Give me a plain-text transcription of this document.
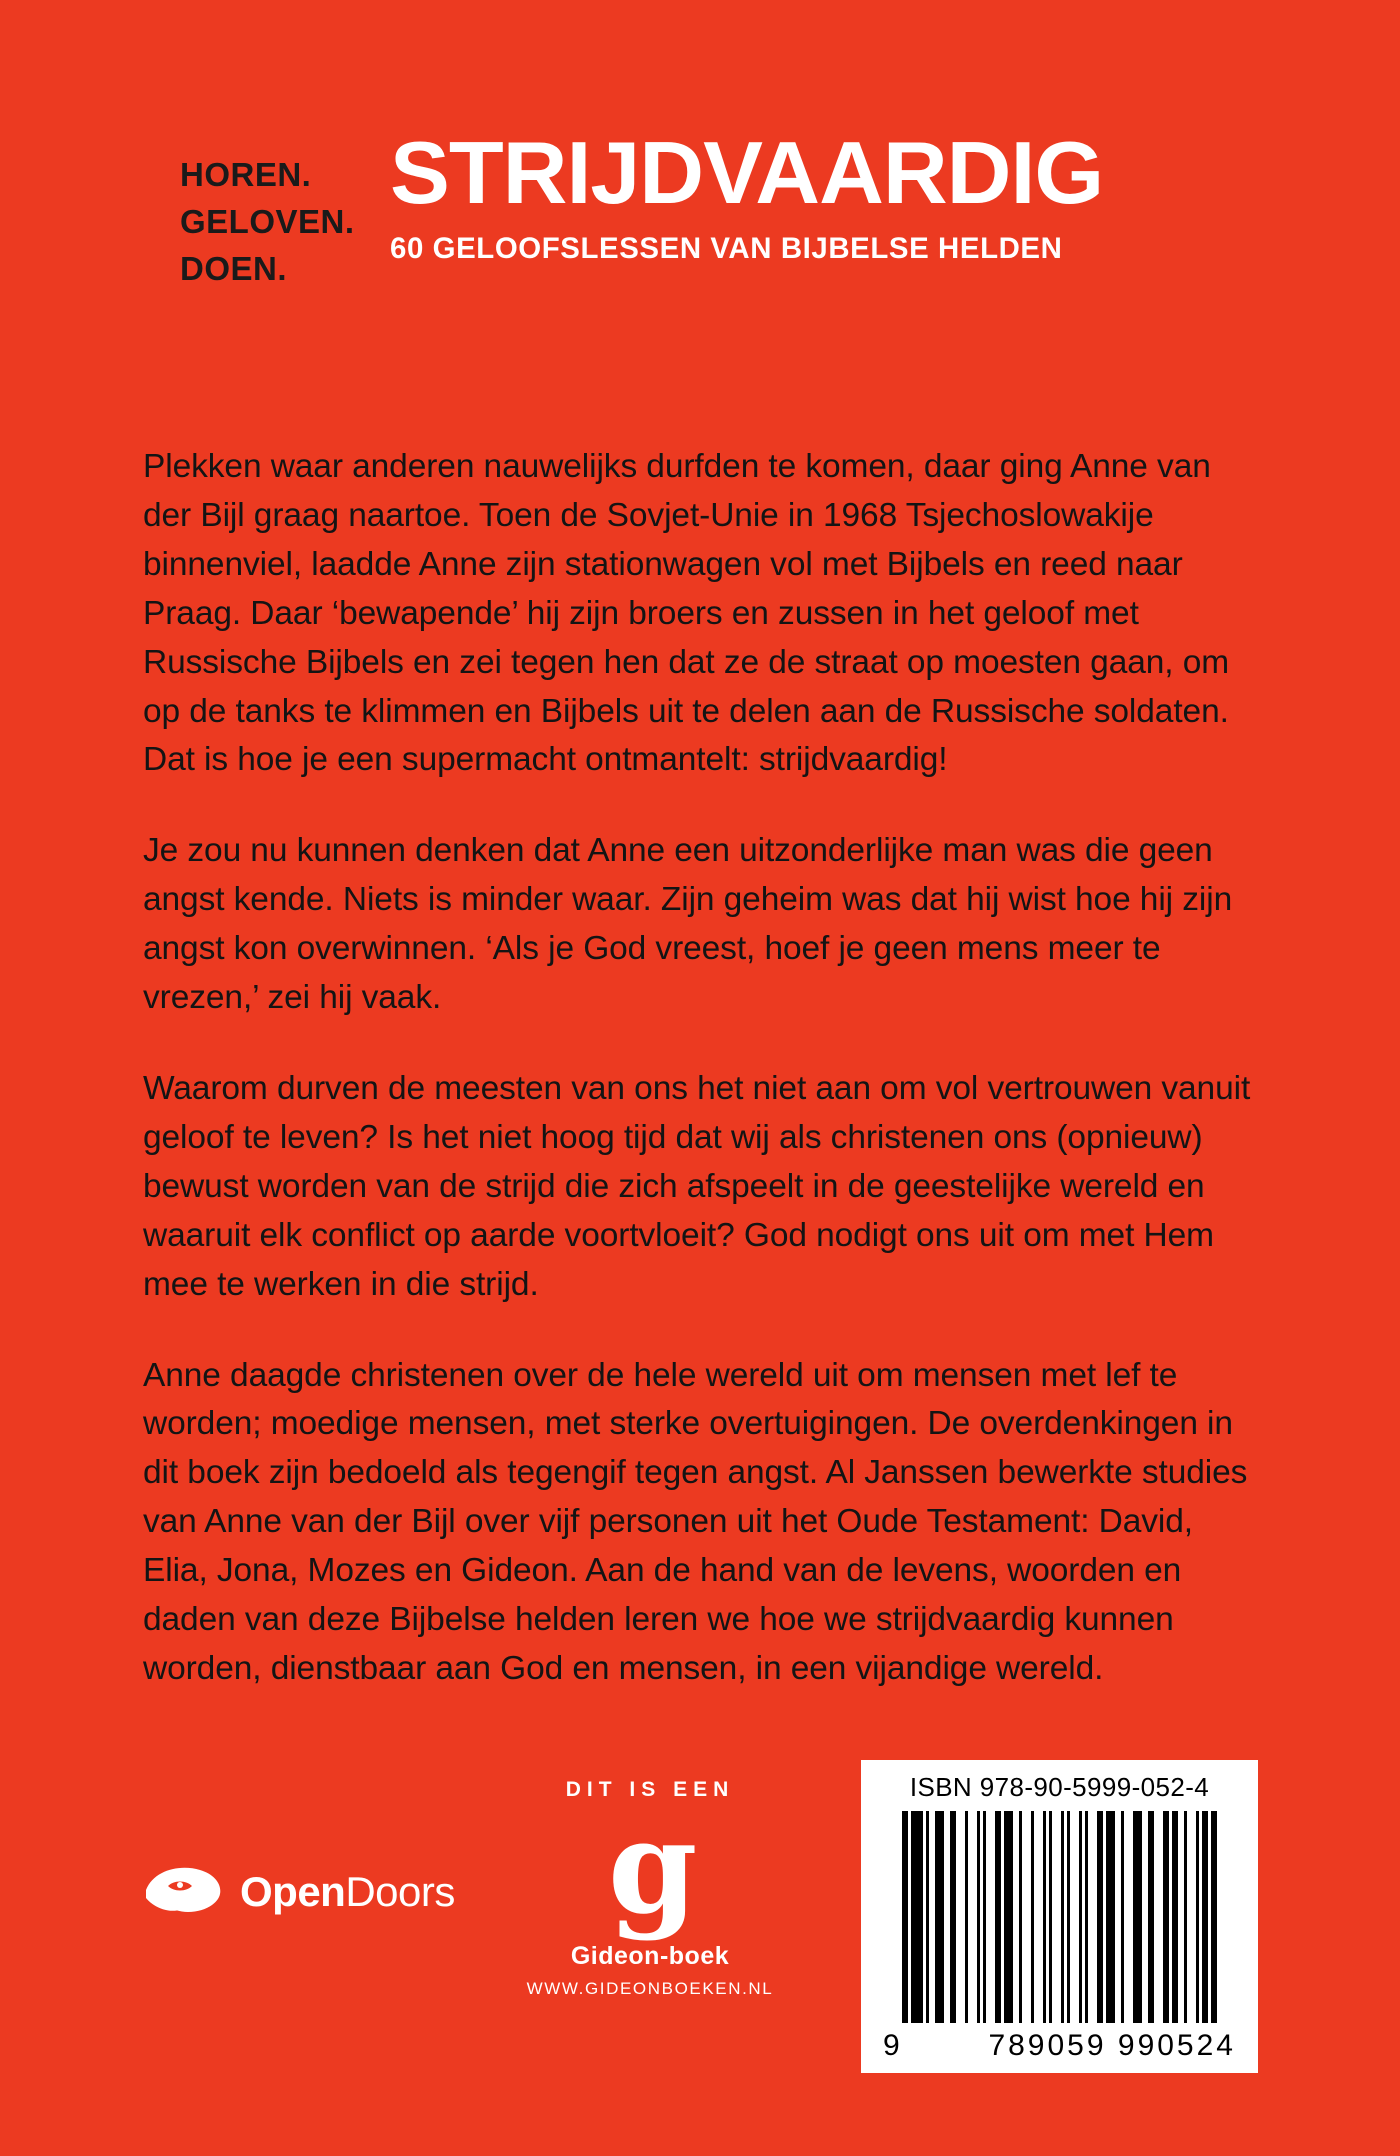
HOREN.
GELOVEN.
DOEN.
STRIJDVAARDIG
60 GELOOFSLESSEN VAN BIJBELSE HELDEN

Plekken waar anderen nauwelijks durfden te komen, daar ging Anne van der Bijl graag naartoe. Toen de Sovjet-Unie in 1968 Tsjechoslowakije binnenviel, laadde Anne zijn stationwagen vol met Bijbels en reed naar Praag. Daar ‘bewapende’ hij zijn broers en zussen in het geloof met Russische Bijbels en zei tegen hen dat ze de straat op moesten gaan, om op de tanks te klimmen en Bijbels uit te delen aan de Russische soldaten. Dat is hoe je een supermacht ontmantelt: strijdvaardig!

Je zou nu kunnen denken dat Anne een uitzonderlijke man was die geen angst kende. Niets is minder waar. Zijn geheim was dat hij wist hoe hij zijn angst kon overwinnen. ‘Als je God vreest, hoef je geen mens meer te vrezen,’ zei hij vaak.

Waarom durven de meesten van ons het niet aan om vol vertrouwen vanuit geloof te leven? Is het niet hoog tijd dat wij als christenen ons (opnieuw) bewust worden van de strijd die zich afspeelt in de geestelijke wereld en waaruit elk conflict op aarde voortvloeit? God nodigt ons uit om met Hem mee te werken in die strijd.

Anne daagde christenen over de hele wereld uit om mensen met lef te worden; moedige mensen, met sterke overtuigingen. De overdenkingen in dit boek zijn bedoeld als tegengif tegen angst. Al Janssen bewerkte studies van Anne van der Bijl over vijf personen uit het Oude Testament: David, Elia, Jona, Mozes en Gideon. Aan de hand van de levens, woorden en daden van deze Bijbelse helden leren we hoe we strijdvaardig kunnen worden, dienstbaar aan God en mensen, in een vijandige wereld.

OpenDoors
DIT IS EEN
g
Gideon-boek
WWW.GIDEONBOEKEN.NL
ISBN 978-90-5999-052-4
9	789059 990524
